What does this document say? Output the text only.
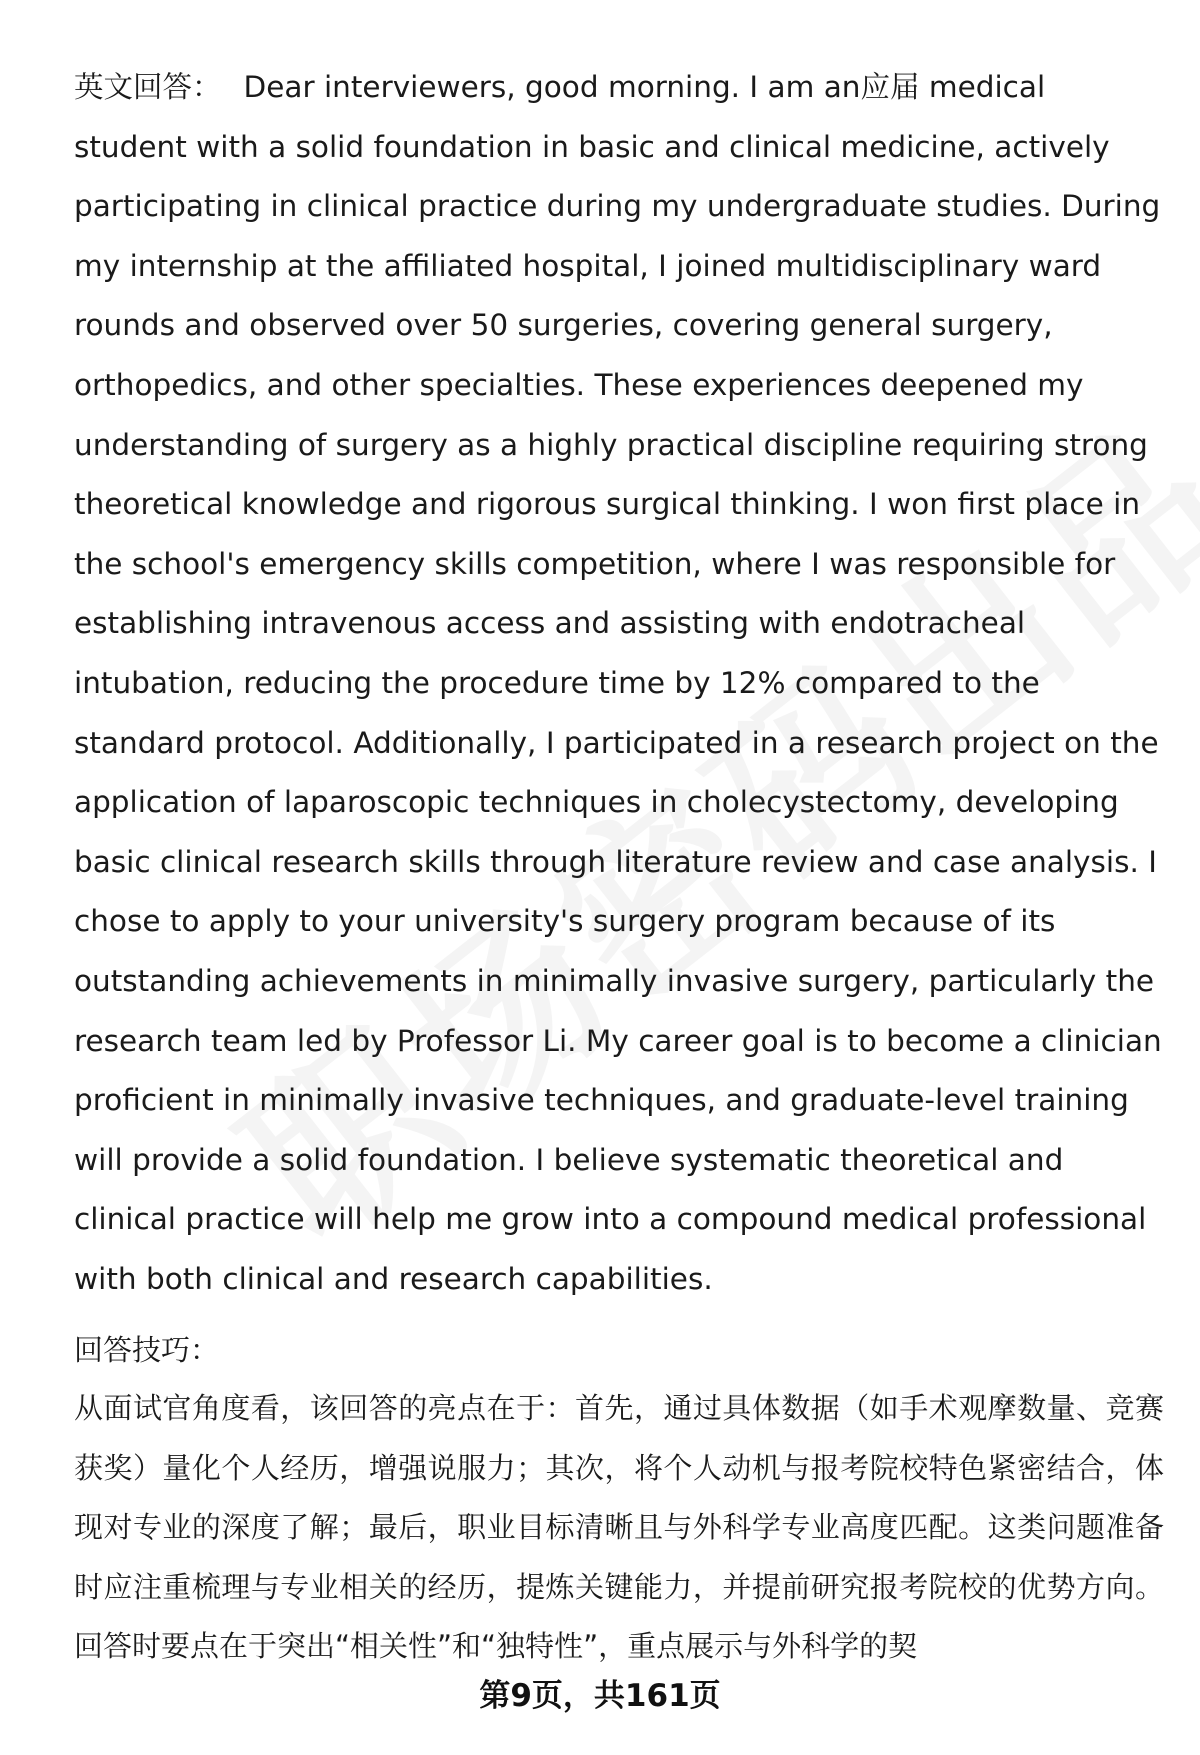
英文回答： Dear interviewers, good morning. I am an应届 medical student with a solid foundation in basic and clinical medicine, actively participating in clinical practice during my undergraduate studies. During my internship at the affiliated hospital, I joined multidisciplinary ward rounds and observed over 50 surgeries, covering general surgery, orthopedics, and other specialties. These experiences deepened my understanding of surgery as a highly practical discipline requiring strong theoretical knowledge and rigorous surgical thinking. I won first place in the school's emergency skills competition, where I was responsible for establishing intravenous access and assisting with endotracheal intubation, reducing the procedure time by 12% compared to the standard protocol. Additionally, I participated in a research project on the application of laparoscopic techniques in cholecystectomy, developing basic clinical research skills through literature review and case analysis. I chose to apply to your university's surgery program because of its outstanding achievements in minimally invasive surgery, particularly the research team led by Professor Li. My career goal is to become a clinician proficient in minimally invasive techniques, and graduate-level training will provide a solid foundation. I believe systematic theoretical and clinical practice will help me grow into a compound medical professional with both clinical and research capabilities.

回答技巧：
从面试官角度看，该回答的亮点在于：首先，通过具体数据（如手术观摩数量、竞赛获奖）量化个人经历，增强说服力；其次，将个人动机与报考院校特色紧密结合，体现对专业的深度了解；最后，职业目标清晰且与外科学专业高度匹配。这类问题准备时应注重梳理与专业相关的经历，提炼关键能力，并提前研究报考院校的优势方向。回答时要点在于突出“相关性”和“独特性”，重点展示与外科学的契
第9页，共161页
